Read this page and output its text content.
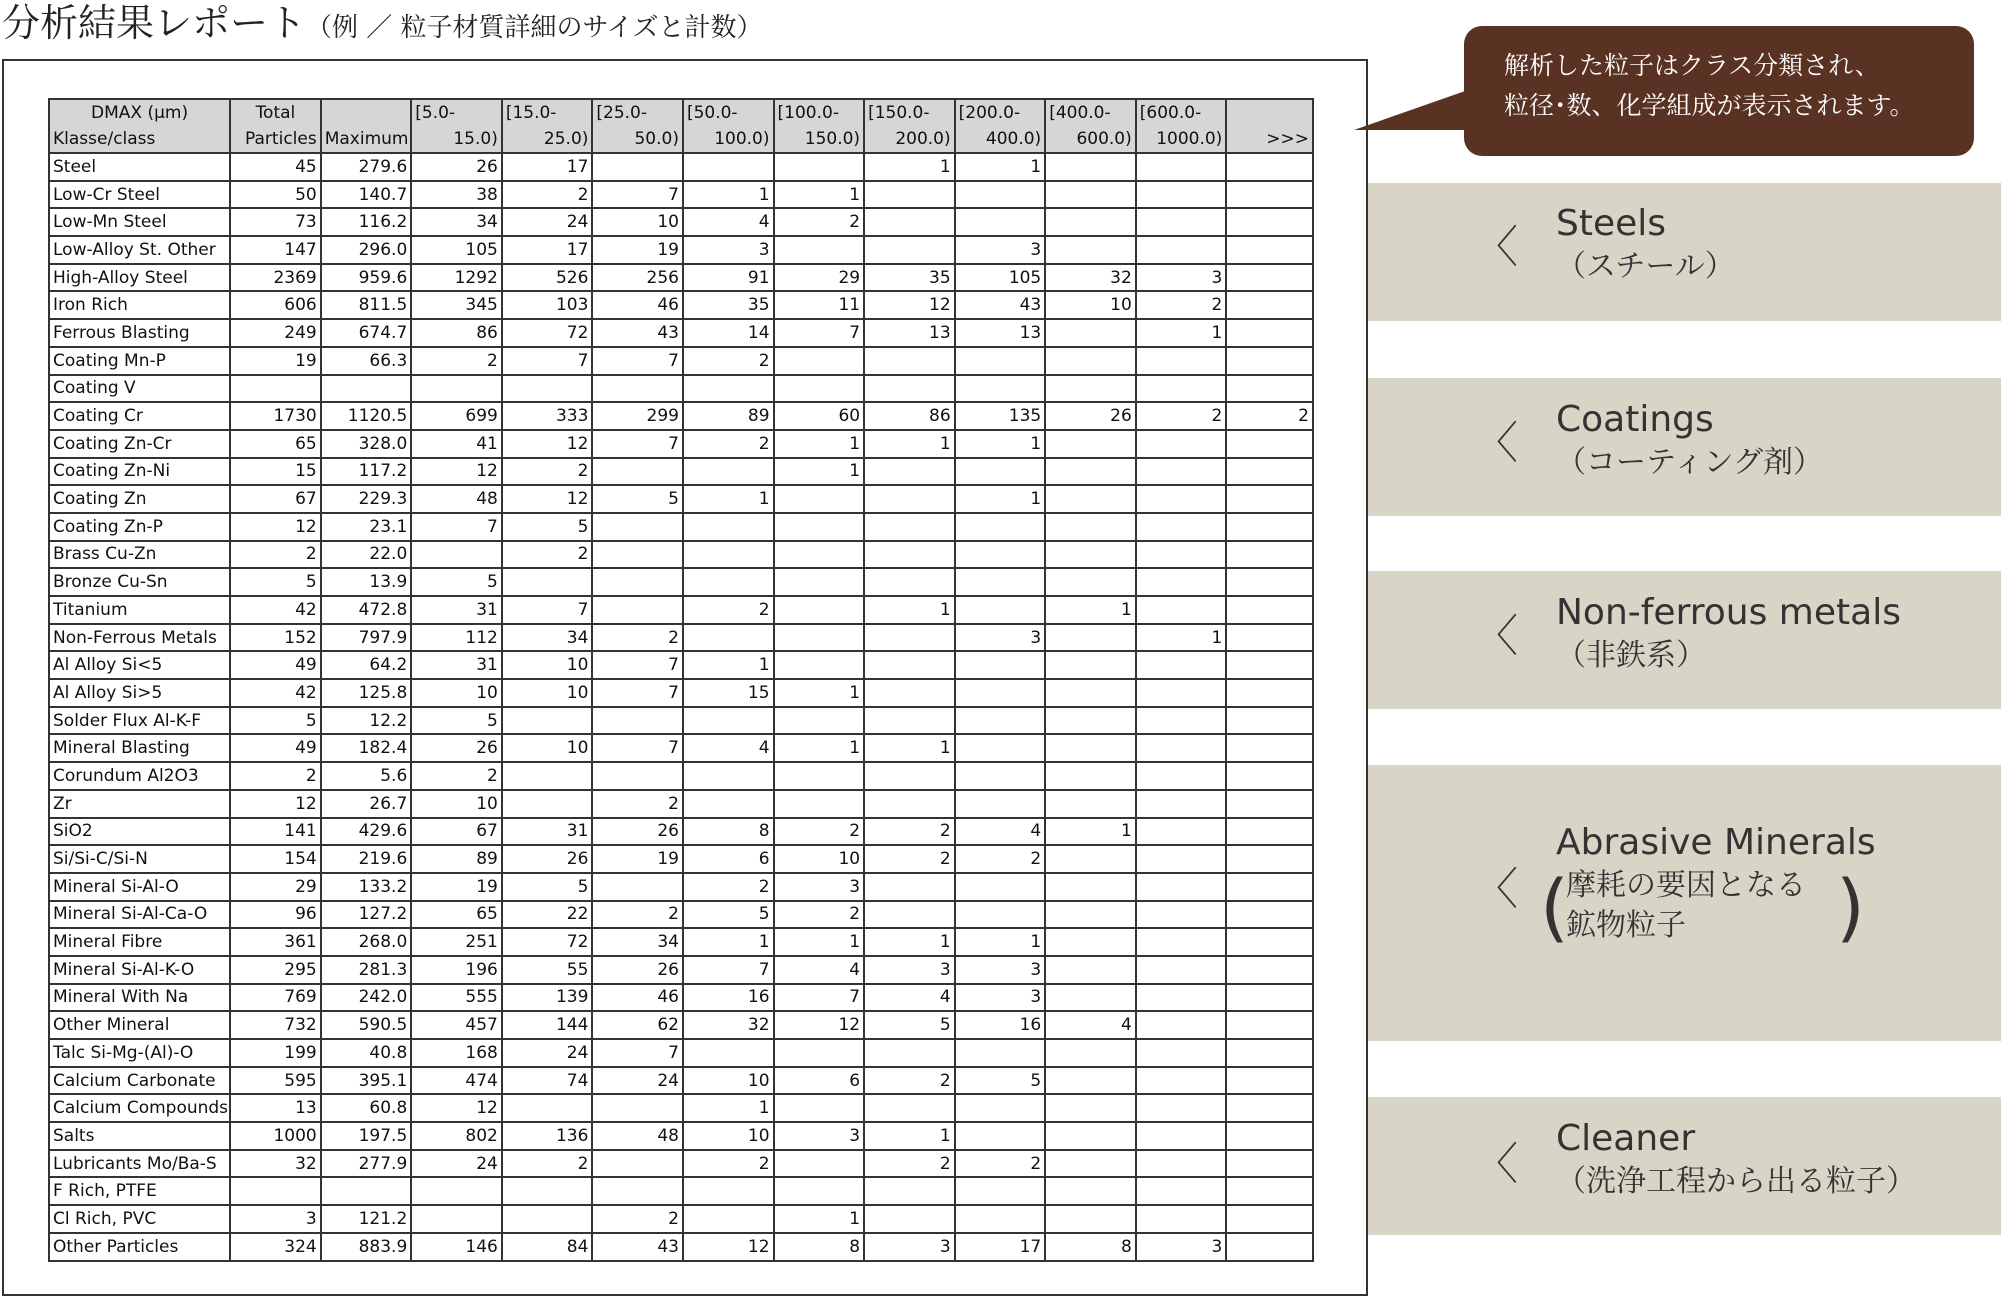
分析結果レポート（例 ／ 粒子材質詳細のサイズと計数）
DMAX (µm)	Total		[5.0-	[15.0-	[25.0-	[50.0-	[100.0-	[150.0-	[200.0-	[400.0-	[600.0-	
Klasse/class	Particles	Maximum	15.0)	25.0)	50.0)	100.0)	150.0)	200.0)	400.0)	600.0)	1000.0)	>>>
Steel	45	279.6	26	17				1	1			
Low-Cr Steel	50	140.7	38	2	7	1	1					
Low-Mn Steel	73	116.2	34	24	10	4	2					
Low-Alloy St. Other	147	296.0	105	17	19	3			3			
High-Alloy Steel	2369	959.6	1292	526	256	91	29	35	105	32	3	
Iron Rich	606	811.5	345	103	46	35	11	12	43	10	2	
Ferrous Blasting	249	674.7	86	72	43	14	7	13	13		1	
Coating Mn-P	19	66.3	2	7	7	2						
Coating V												
Coating Cr	1730	1120.5	699	333	299	89	60	86	135	26	2	2
Coating Zn-Cr	65	328.0	41	12	7	2	1	1	1			
Coating Zn-Ni	15	117.2	12	2			1					
Coating Zn	67	229.3	48	12	5	1			1			
Coating Zn-P	12	23.1	7	5								
Brass Cu-Zn	2	22.0		2								
Bronze Cu-Sn	5	13.9	5									
Titanium	42	472.8	31	7		2		1		1		
Non-Ferrous Metals	152	797.9	112	34	2				3		1	
Al Alloy Si<5	49	64.2	31	10	7	1						
Al Alloy Si>5	42	125.8	10	10	7	15	1					
Solder Flux Al-K-F	5	12.2	5									
Mineral Blasting	49	182.4	26	10	7	4	1	1				
Corundum Al2O3	2	5.6	2									
Zr	12	26.7	10		2							
SiO2	141	429.6	67	31	26	8	2	2	4	1		
Si/Si-C/Si-N	154	219.6	89	26	19	6	10	2	2			
Mineral Si-Al-O	29	133.2	19	5		2	3					
Mineral Si-Al-Ca-O	96	127.2	65	22	2	5	2					
Mineral Fibre	361	268.0	251	72	34	1	1	1	1			
Mineral Si-Al-K-O	295	281.3	196	55	26	7	4	3	3			
Mineral With Na	769	242.0	555	139	46	16	7	4	3			
Other Mineral	732	590.5	457	144	62	32	12	5	16	4		
Talc Si-Mg-(Al)-O	199	40.8	168	24	7							
Calcium Carbonate	595	395.1	474	74	24	10	6	2	5			
Calcium Compounds	13	60.8	12			1						
Salts	1000	197.5	802	136	48	10	3	1				
Lubricants Mo/Ba-S	32	277.9	24	2		2		2	2			
F Rich, PTFE												
Cl Rich, PVC	3	121.2			2		1					
Other Particles	324	883.9	146	84	43	12	8	3	17	8	3	
解析した粒子はクラス分類され、
粒径･数、化学組成が表示されます。
〈 Steels
（スチール）
〈 Coatings
（コーティング剤）
〈 Non-ferrous metals
（非鉄系）
〈
Abrasive Minerals
摩耗の要因となる
鉱物粒子
(	)
〈
Cleaner
（洗浄工程から出る粒子）
